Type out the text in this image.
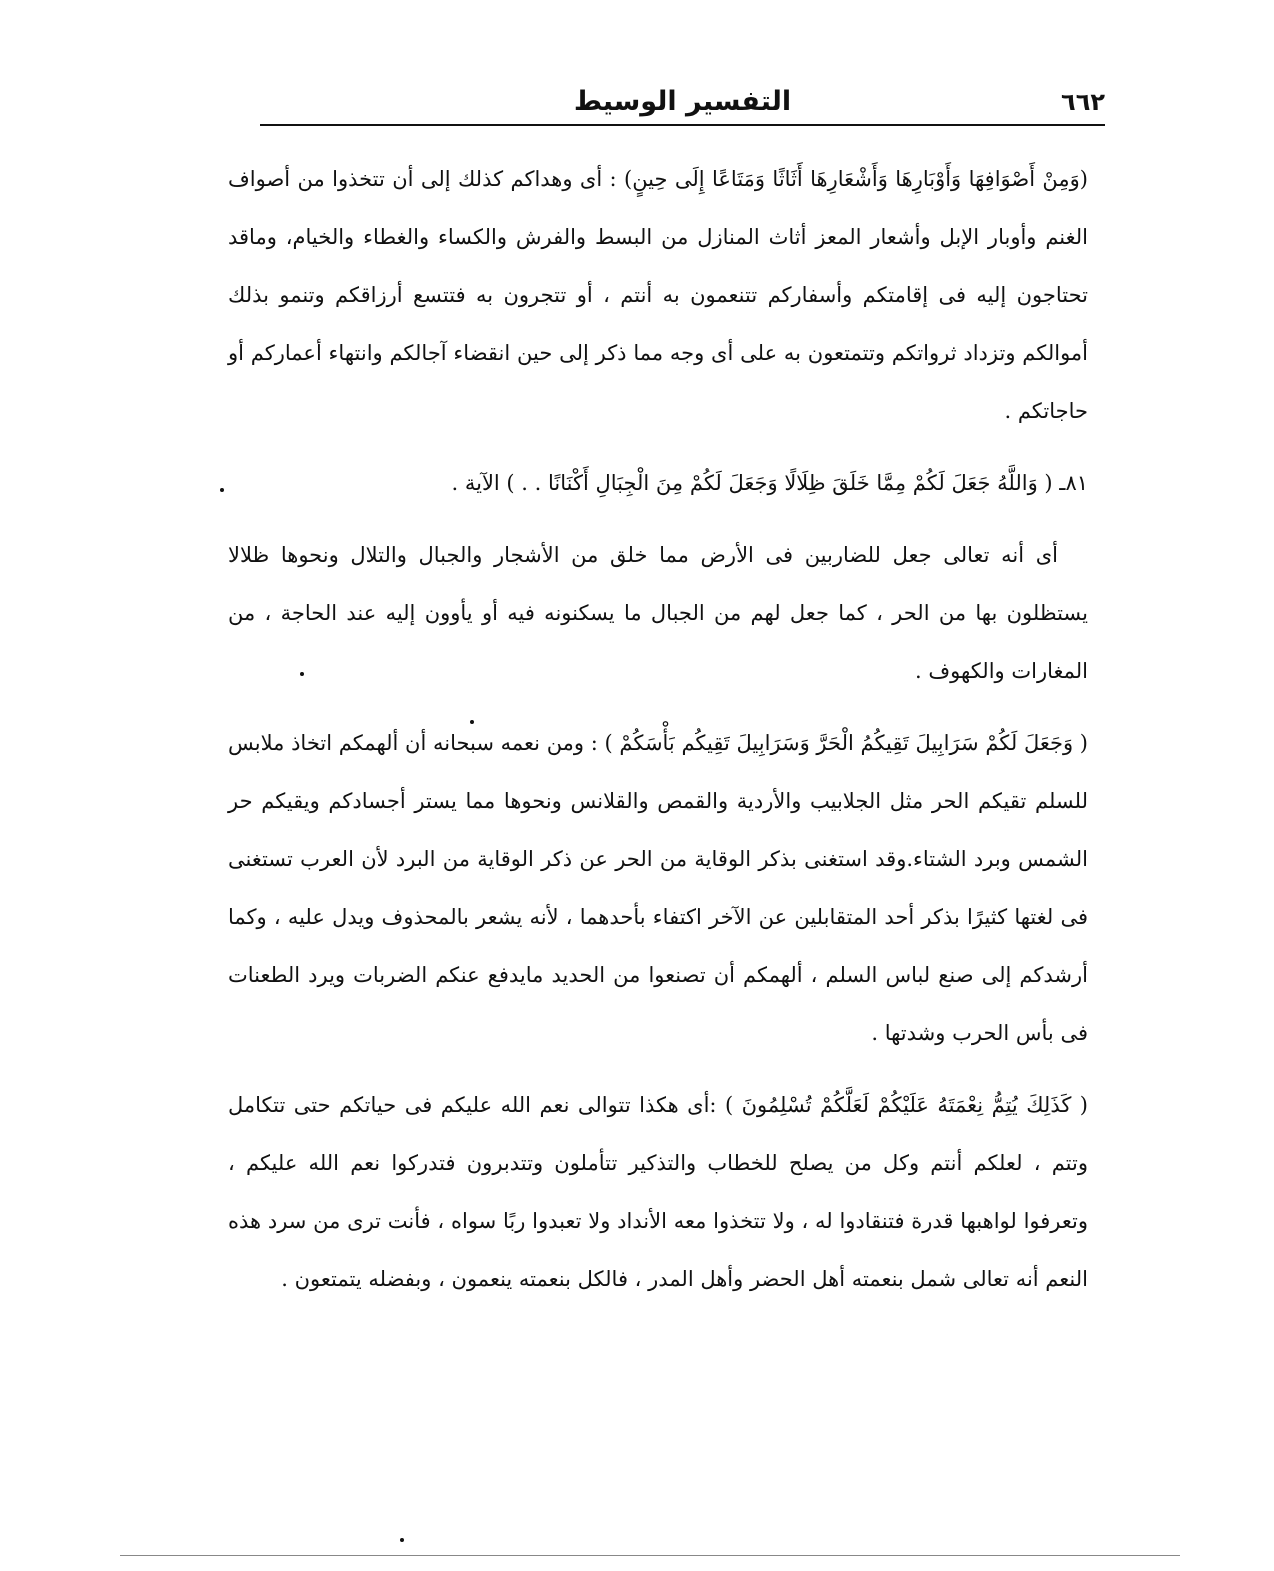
٦٦٢
التفسير الوسيط

(وَمِنْ أَصْوَافِهَا وَأَوْبَارِهَا وَأَشْعَارِهَا أَثَاثًا وَمَتَاعًا إِلَى حِينٍ) : أى وهداكم كذلك إلى أن تتخذوا من أصواف الغنم وأوبار الإبل وأشعار المعز أثاث المنازل من البسط والفرش والكساء والغطاء والخيام، وماقد تحتاجون إليه فى إقامتكم وأسفاركم تتنعمون به أنتم ، أو تتجرون به فتتسع أرزاقكم وتنمو بذلك أموالكم وتزداد ثرواتكم وتتمتعون به على أى وجه مما ذكر إلى حين انقضاء آجالكم وانتهاء أعماركم أو حاجاتكم .

٨١ـ ( وَاللَّهُ جَعَلَ لَكُمْ مِمَّا خَلَقَ ظِلَالًا وَجَعَلَ لَكُمْ مِنَ الْجِبَالِ أَكْنَانًا . . ) الآية .

أى أنه تعالى جعل للضاربين فى الأرض مما خلق من الأشجار والجبال والتلال ونحوها ظلالا يستظلون بها من الحر ، كما جعل لهم من الجبال ما يسكنونه فيه أو يأوون إليه عند الحاجة ، من المغارات والكهوف .

( وَجَعَلَ لَكُمْ سَرَابِيلَ تَقِيكُمُ الْحَرَّ وَسَرَابِيلَ تَقِيكُم بَأْسَكُمْ ) : ومن نعمه سبحانه أن ألهمكم اتخاذ ملابس للسلم تقيكم الحر مثل الجلابيب والأردية والقمص والقلانس ونحوها مما يستر أجسادكم ويقيكم حر الشمس وبرد الشتاء.وقد استغنى بذكر الوقاية من الحر عن ذكر الوقاية من البرد لأن العرب تستغنى فى لغتها كثيرًا بذكر أحد المتقابلين عن الآخر اكتفاء بأحدهما ، لأنه يشعر بالمحذوف ويدل عليه ، وكما أرشدكم إلى صنع لباس السلم ، ألهمكم أن تصنعوا من الحديد مايدفع عنكم الضربات ويرد الطعنات فى بأس الحرب وشدتها .

( كَذَلِكَ يُتِمُّ نِعْمَتَهُ عَلَيْكُمْ لَعَلَّكُمْ تُسْلِمُونَ ) :أى هكذا تتوالى نعم الله عليكم فى حياتكم حتى تتكامل وتتم ، لعلكم أنتم وكل من يصلح للخطاب والتذكير تتأملون وتتدبرون فتدركوا نعم الله عليكم ، وتعرفوا لواهبها قدرة فتنقادوا له ، ولا تتخذوا معه الأنداد ولا تعبدوا ربًا سواه ، فأنت ترى من سرد هذه النعم أنه تعالى شمل بنعمته أهل الحضر وأهل المدر ، فالكل بنعمته ينعمون ، وبفضله يتمتعون .
